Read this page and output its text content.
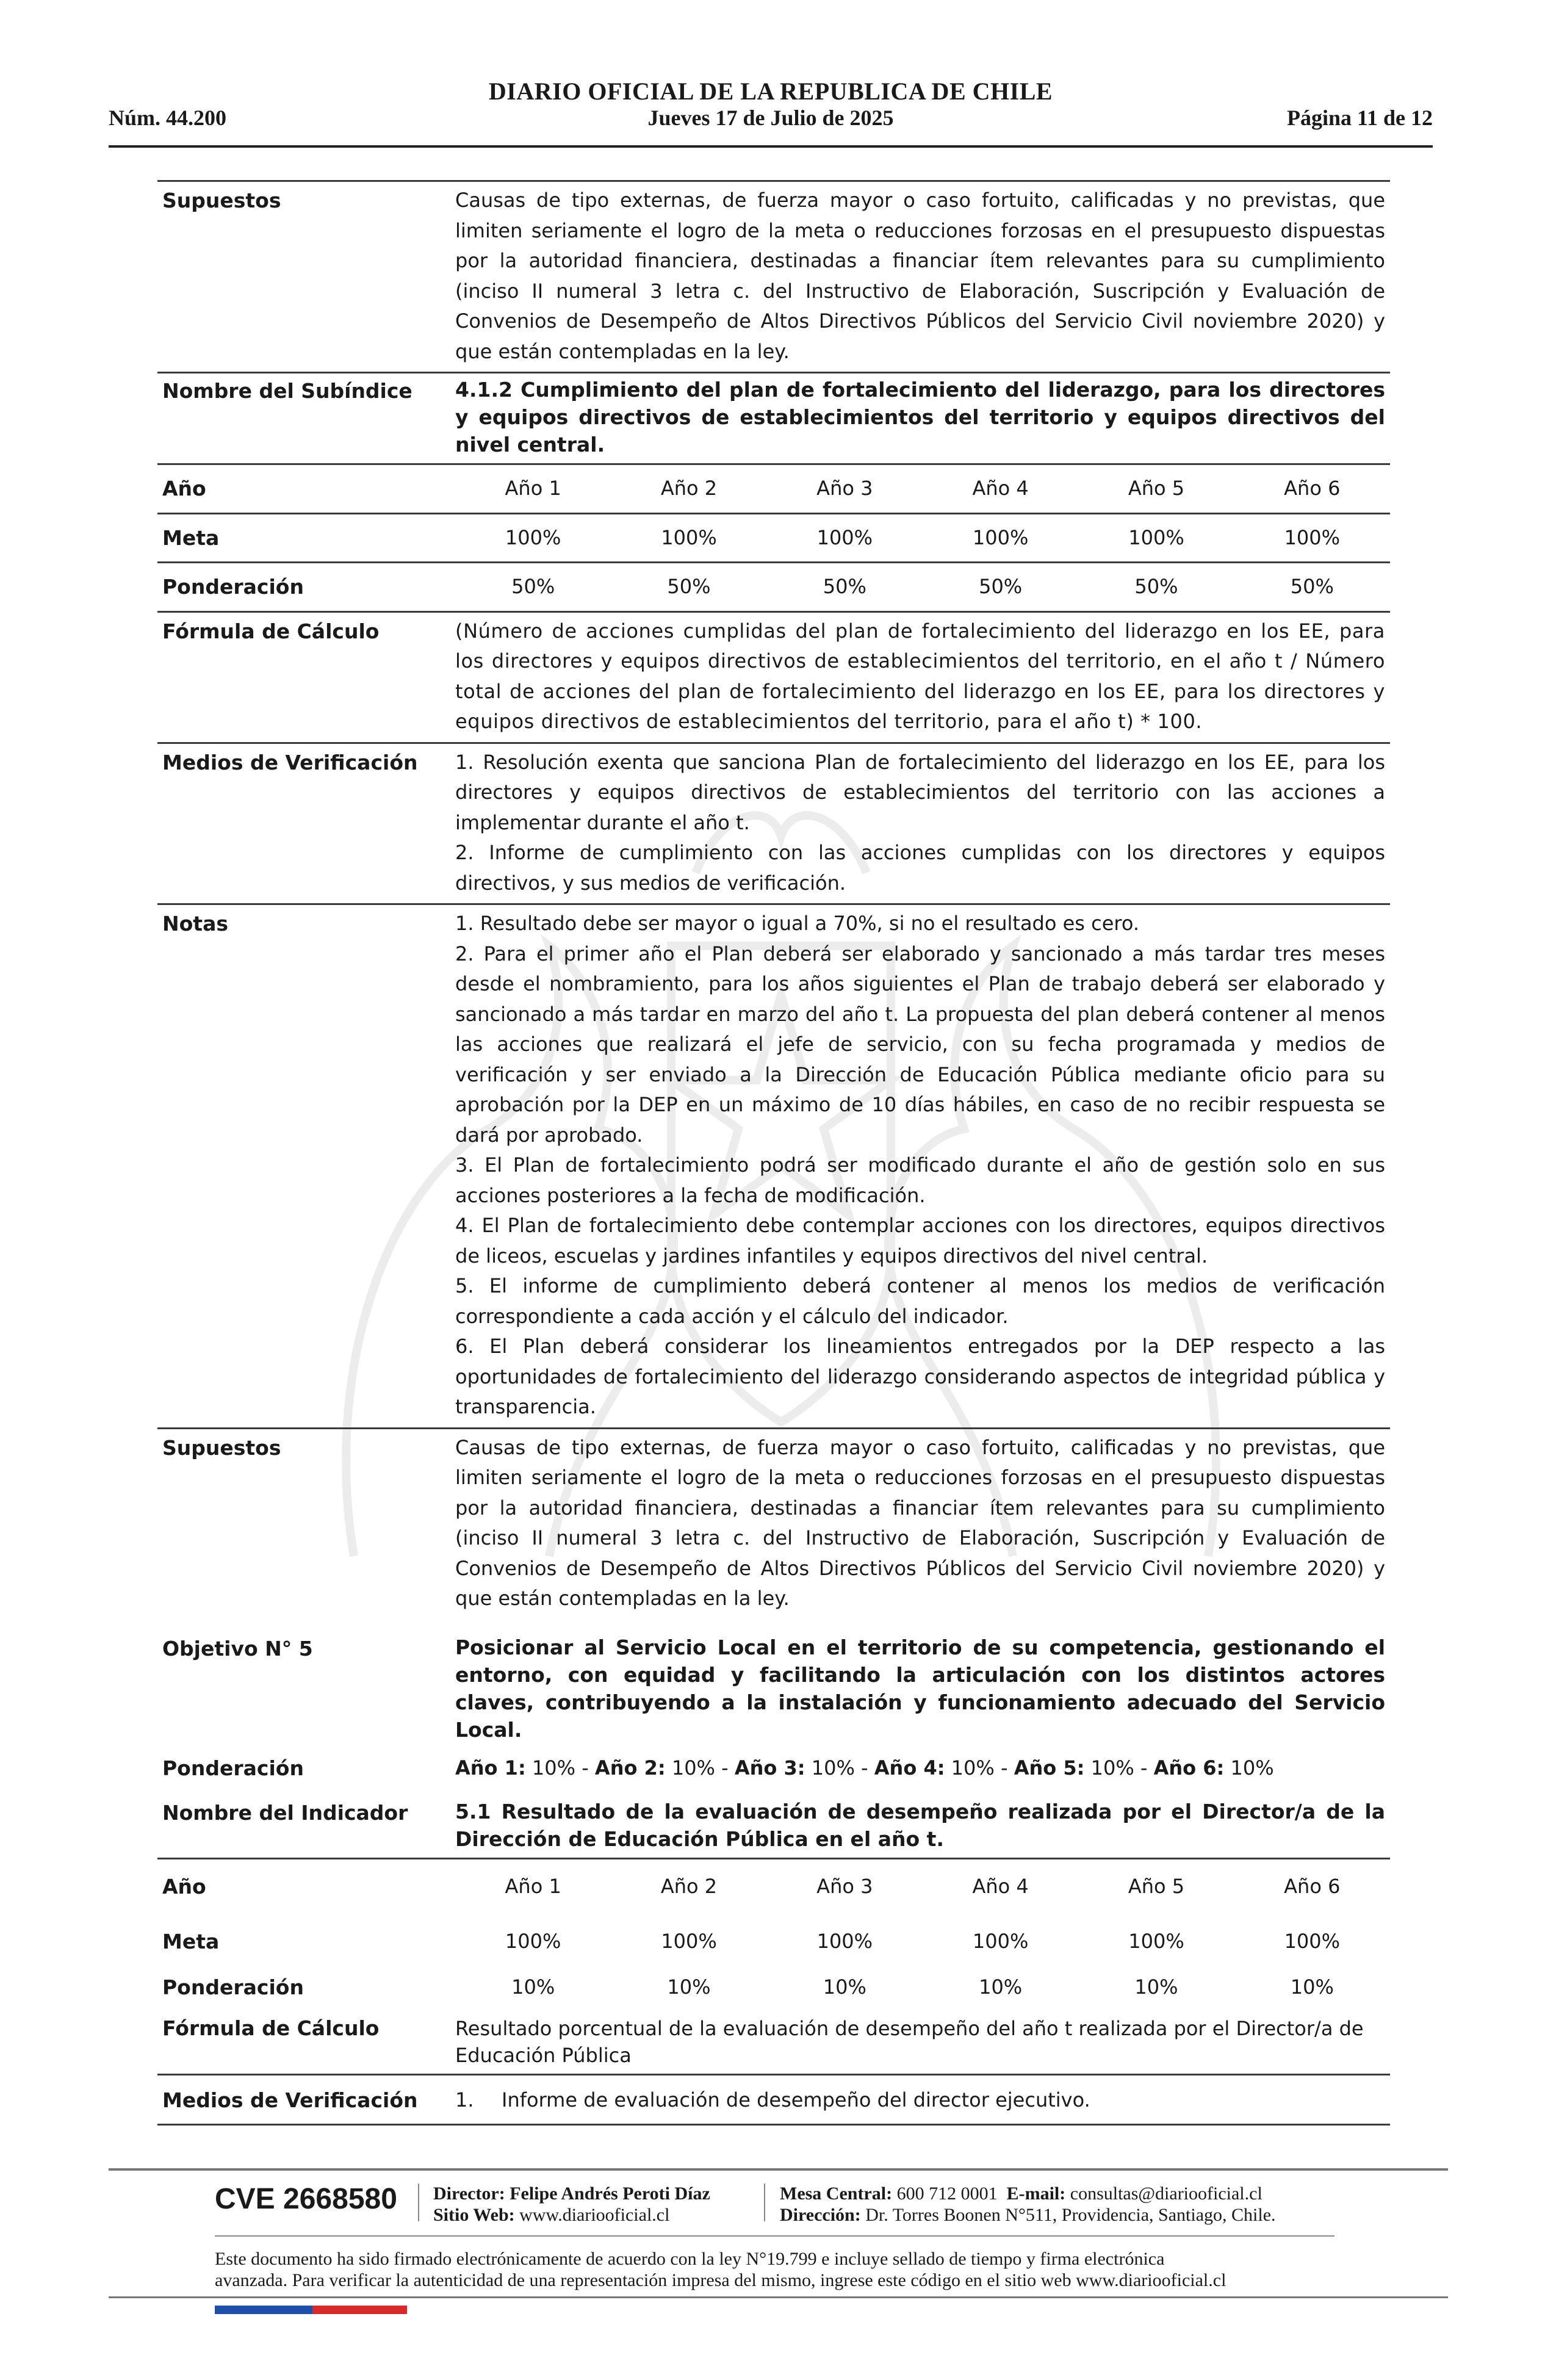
DIARIO OFICIAL DE LA REPUBLICA DE CHILE
Núm. 44.200	Jueves 17 de Julio de 2025	Página 11 de 12
Supuestos	Causas de tipo externas, de fuerza mayor o caso fortuito, calificadas y no previstas, que limiten seriamente el logro de la meta o reducciones forzosas en el presupuesto dispuestas por la autoridad financiera, destinadas a financiar ítem relevantes para su cumplimiento (inciso II numeral 3 letra c. del Instructivo de Elaboración, Suscripción y Evaluación de Convenios de Desempeño de Altos Directivos Públicos del Servicio Civil noviembre 2020) y que están contempladas en la ley.
Nombre del Subíndice	4.1.2 Cumplimiento del plan de fortalecimiento del liderazgo, para los directores y equipos directivos de establecimientos del territorio y equipos directivos del nivel central.
Año	Año 1	Año 2	Año 3	Año 4	Año 5	Año 6
Meta	100%	100%	100%	100%	100%	100%
Ponderación	50%	50%	50%	50%	50%	50%
Fórmula de Cálculo	(Número de acciones cumplidas del plan de fortalecimiento del liderazgo en los EE, para los directores y equipos directivos de establecimientos del territorio, en el año t / Número total de acciones del plan de fortalecimiento del liderazgo en los EE, para los directores y equipos directivos de establecimientos del territorio, para el año t) * 100.
Medios de Verificación	1. Resolución exenta que sanciona Plan de fortalecimiento del liderazgo en los EE, para los directores y equipos directivos de establecimientos del territorio con las acciones a implementar durante el año t.

2. Informe de cumplimiento con las acciones cumplidas con los directores y equipos directivos, y sus medios de verificación.

Notas	1. Resultado debe ser mayor o igual a 70%, si no el resultado es cero.

2. Para el primer año el Plan deberá ser elaborado y sancionado a más tardar tres meses desde el nombramiento, para los años siguientes el Plan de trabajo deberá ser elaborado y sancionado a más tardar en marzo del año t. La propuesta del plan deberá contener al menos las acciones que realizará el jefe de servicio, con su fecha programada y medios de verificación y ser enviado a la Dirección de Educación Pública mediante oficio para su aprobación por la DEP en un máximo de 10 días hábiles, en caso de no recibir respuesta se dará por aprobado.

3. El Plan de fortalecimiento podrá ser modificado durante el año de gestión solo en sus acciones posteriores a la fecha de modificación.

4. El Plan de fortalecimiento debe contemplar acciones con los directores, equipos directivos de liceos, escuelas y jardines infantiles y equipos directivos del nivel central.

5. El informe de cumplimiento deberá contener al menos los medios de verificación correspondiente a cada acción y el cálculo del indicador.

6. El Plan deberá considerar los lineamientos entregados por la DEP respecto a las oportunidades de fortalecimiento del liderazgo considerando aspectos de integridad pública y transparencia.

Supuestos	Causas de tipo externas, de fuerza mayor o caso fortuito, calificadas y no previstas, que limiten seriamente el logro de la meta o reducciones forzosas en el presupuesto dispuestas por la autoridad financiera, destinadas a financiar ítem relevantes para su cumplimiento (inciso II numeral 3 letra c. del Instructivo de Elaboración, Suscripción y Evaluación de Convenios de Desempeño de Altos Directivos Públicos del Servicio Civil noviembre 2020) y que están contempladas en la ley.
Objetivo N° 5	Posicionar al Servicio Local en el territorio de su competencia, gestionando el entorno, con equidad y facilitando la articulación con los distintos actores claves, contribuyendo a la instalación y funcionamiento adecuado del Servicio Local.
Ponderación	Año 1: 10% - Año 2: 10% - Año 3: 10% - Año 4: 10% - Año 5: 10% - Año 6: 10%
Nombre del Indicador	5.1 Resultado de la evaluación de desempeño realizada por el Director/a de la Dirección de Educación Pública en el año t.
Año	Año 1	Año 2	Año 3	Año 4	Año 5	Año 6
Meta	100%	100%	100%	100%	100%	100%
Ponderación	10%	10%	10%	10%	10%	10%
Fórmula de Cálculo	Resultado porcentual de la evaluación de desempeño del año t realizada por el Director/a de Educación Pública
Medios de Verificación	1. Informe de evaluación de desempeño del director ejecutivo.
CVE 2668580 Director: Felipe Andrés Peroti Díaz
Sitio Web: www.diariooficial.cl
Mesa Central: 600 712 0001 E-mail: consultas@diariooficial.cl
Dirección: Dr. Torres Boonen N°511, Providencia, Santiago, Chile.
Este documento ha sido firmado electrónicamente de acuerdo con la ley N°19.799 e incluye sellado de tiempo y firma electrónica
avanzada. Para verificar la autenticidad de una representación impresa del mismo, ingrese este código en el sitio web www.diariooficial.cl
